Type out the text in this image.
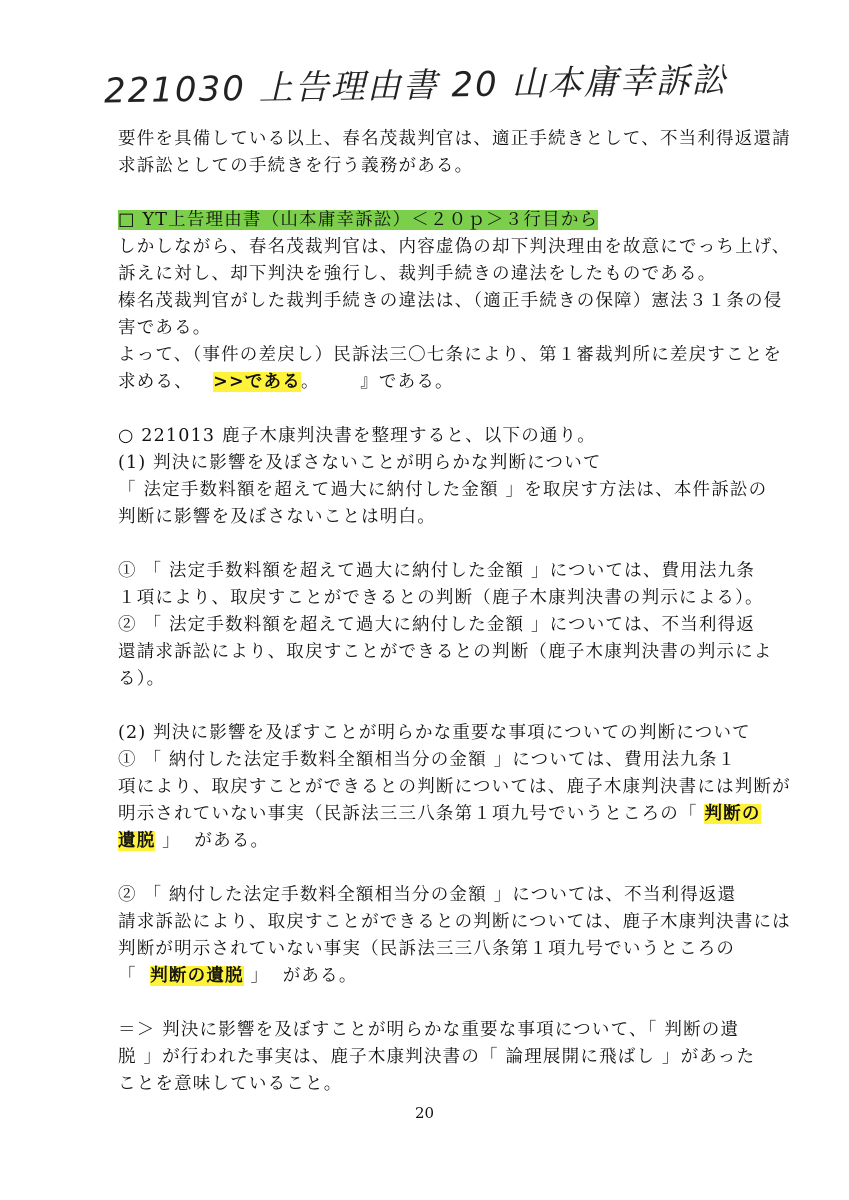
221030 上告理由書 20 山本庸幸訴訟
要件を具備している以上、春名茂裁判官は、適正手続きとして、不当利得返還請
求訴訟としての手続きを行う義務がある。
□ YT上告理由書（山本庸幸訴訟）＜２０ｐ＞３行目から
しかしながら、春名茂裁判官は、内容虚偽の却下判決理由を故意にでっち上げ、
訴えに対し、却下判決を強行し、裁判手続きの違法をしたものである。
榛名茂裁判官がした裁判手続きの違法は、（適正手続きの保障）憲法３１条の侵
害である。
よって、（事件の差戻し）民訴法三〇七条により、第１審裁判所に差戻すことを
求める、 >>である。      』である。
○ 221013 鹿子木康判決書を整理すると、以下の通り。
(1) 判決に影響を及ぼさないことが明らかな判断について
「 法定手数料額を超えて過大に納付した金額 」を取戻す方法は、本件訴訟の
判断に影響を及ぼさないことは明白。
① 「 法定手数料額を超えて過大に納付した金額 」については、費用法九条
１項により、取戻すことができるとの判断（鹿子木康判決書の判示による）。
② 「 法定手数料額を超えて過大に納付した金額 」については、不当利得返
還請求訴訟により、取戻すことができるとの判断（鹿子木康判決書の判示によ
る）。
(2) 判決に影響を及ぼすことが明らかな重要な事項についての判断について
① 「 納付した法定手数料全額相当分の金額 」については、費用法九条１
項により、取戻すことができるとの判断については、鹿子木康判決書には判断が
明示されていない事実（民訴法三三八条第１項九号でいうところの「 判断の
遺脱 」  がある。
② 「 納付した法定手数料全額相当分の金額 」については、不当利得返還
請求訴訟により、取戻すことができるとの判断については、鹿子木康判決書には
判断が明示されていない事実（民訴法三三八条第１項九号でいうところの
「 判断の遺脱 」  がある。
＝＞ 判決に影響を及ぼすことが明らかな重要な事項について、「 判断の遺
脱 」が行われた事実は、鹿子木康判決書の「 論理展開に飛ばし 」があった
ことを意味していること。
20
